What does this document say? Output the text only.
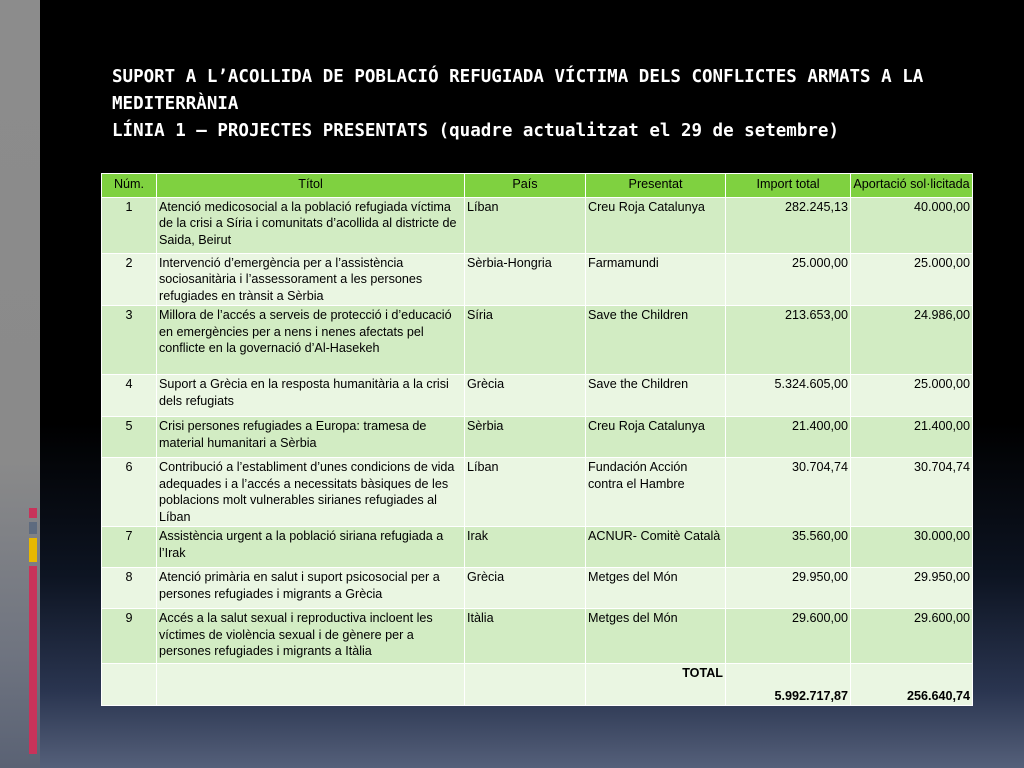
SUPORT A L’ACOLLIDA DE POBLACIÓ REFUGIADA VÍCTIMA DELS CONFLICTES ARMATS A LA
MEDITERRÀNIA
LÍNIA 1 – PROJECTES PRESENTATS (quadre actualitzat el 29 de setembre)
Núm.	Títol	País	Presentat	Import total	Aportació sol·licitada
1	Atenció medicosocial a la població refugiada víctima de la crisi a Síria i comunitats d’acollida al districte de Saida, Beirut	Líban	Creu Roja Catalunya	282.245,13	40.000,00
2	Intervenció d’emergència per a l’assistència sociosanitària i l’assessorament a les persones refugiades en trànsit a Sèrbia	Sèrbia-Hongria	Farmamundi	25.000,00	25.000,00
3	Millora de l’accés a serveis de protecció i d’educació en emergències per a nens i nenes afectats pel conflicte en la governació d’Al-Hasekeh	Síria	Save the Children	213.653,00	24.986,00
4	Suport a Grècia en la resposta humanitària a la crisi dels refugiats	Grècia	Save the Children	5.324.605,00	25.000,00
5	Crisi persones refugiades a Europa: tramesa de material humanitari a Sèrbia	Sèrbia	Creu Roja Catalunya	21.400,00	21.400,00
6	Contribució a l’establiment d’unes condicions de vida adequades i a l’accés a necessitats bàsiques de les poblacions molt vulnerables sirianes refugiades al Líban	Líban	Fundación Acción contra el Hambre	30.704,74	30.704,74
7	Assistència urgent a la població siriana refugiada a l’Irak	Irak	ACNUR- Comitè Català	35.560,00	30.000,00
8	Atenció primària en salut i suport psicosocial per a persones refugiades i migrants a Grècia	Grècia	Metges del Món	29.950,00	29.950,00
9	Accés a la salut sexual i reproductiva incloent les víctimes de violència sexual i de gènere per a persones refugiades i migrants a Itàlia	Itàlia	Metges del Món	29.600,00	29.600,00
			TOTAL	5.992.717,87	256.640,74
